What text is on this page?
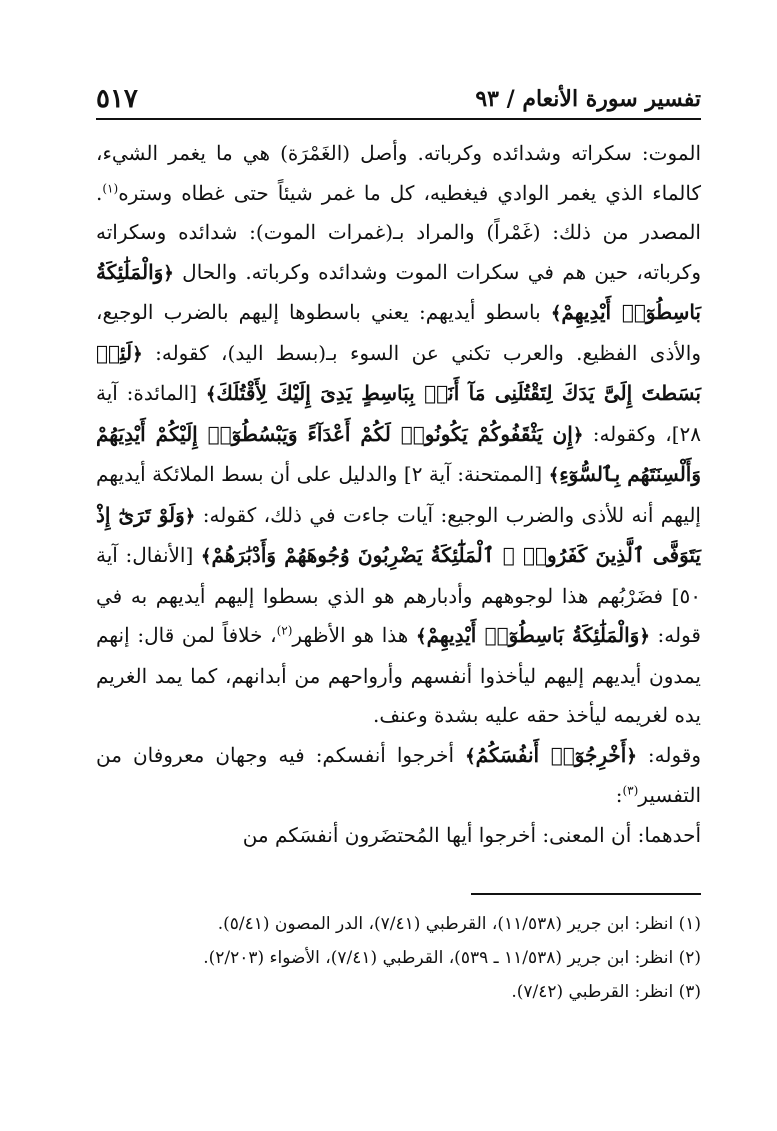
تفسير سورة الأنعام / ٩٣
٥١٧

الموت: سكراته وشدائده وكرباته. وأصل (الغَمْرَة) هي ما يغمر الشيء، كالماء الذي يغمر الوادي فيغطيه، كل ما غمر شيئاً حتى غطاه وستره$^{(١)}$. المصدر من ذلك: (غَمْراً) والمراد بـ(غمرات الموت): شدائده وسكراته وكرباته، حين هم في سكرات الموت وشدائده وكرباته. والحال ﴿وَالْمَلَٰئِكَةُ بَاسِطُوٓا۟ أَيْدِيهِمْ﴾ باسطو أيديهم: يعني باسطوها إليهم بالضرب الوجيع، والأذى الفظيع. والعرب تكني عن السوء بـ(بسط اليد)، كقوله: ﴿لَئِنۢ بَسَطتَ إِلَىَّ يَدَكَ لِتَقْتُلَنِى مَآ أَنَا۠ بِبَاسِطٍ يَدِىَ إِلَيْكَ لِأَقْتُلَكَ﴾ [المائدة: آية ٢٨]، وكقوله: ﴿إِن يَثْقَفُوكُمْ يَكُونُوا۟ لَكُمْ أَعْدَآءً وَيَبْسُطُوٓا۟ إِلَيْكُمْ أَيْدِيَهُمْ وَأَلْسِنَتَهُم بِٱلسُّوٓءِ﴾ [الممتحنة: آية ٢] والدليل على أن بسط الملائكة أيديهم إليهم أنه للأذى والضرب الوجيع: آيات جاءت في ذلك، كقوله: ﴿وَلَوْ تَرَىٰٓ إِذْ يَتَوَفَّى ٱلَّذِينَ كَفَرُوا۟ ۙ ٱلْمَلَٰٓئِكَةُ يَضْرِبُونَ وُجُوهَهُمْ وَأَدْبَٰرَهُمْ﴾ [الأنفال: آية ٥٠] فضَرْبُهم هذا لوجوههم وأدبارهم هو الذي بسطوا إليهم أيديهم به في قوله: ﴿وَالْمَلَٰئِكَةُ بَاسِطُوٓا۟ أَيْدِيهِمْ﴾ هذا هو الأظهر$^{(٢)}$، خلافاً لمن قال: إنهم يمدون أيديهم إليهم ليأخذوا أنفسهم وأرواحهم من أبدانهم، كما يمد الغريم يده لغريمه ليأخذ حقه عليه بشدة وعنف.

وقوله: ﴿أَخْرِجُوٓا۟ أَنفُسَكُمُ﴾ أخرجوا أنفسكم: فيه وجهان معروفان من التفسير$^{(٣)}$:

أحدهما: أن المعنى: أخرجوا أيها المُحتضَرون أنفسَكم من

(١) انظر: ابن جرير (١١/٥٣٨)، القرطبي (٧/٤١)، الدر المصون (٥/٤١).

(٢) انظر: ابن جرير (١١/٥٣٨ ـ ٥٣٩)، القرطبي (٧/٤١)، الأضواء (٢/٢٠٣).

(٣) انظر: القرطبي (٧/٤٢).
